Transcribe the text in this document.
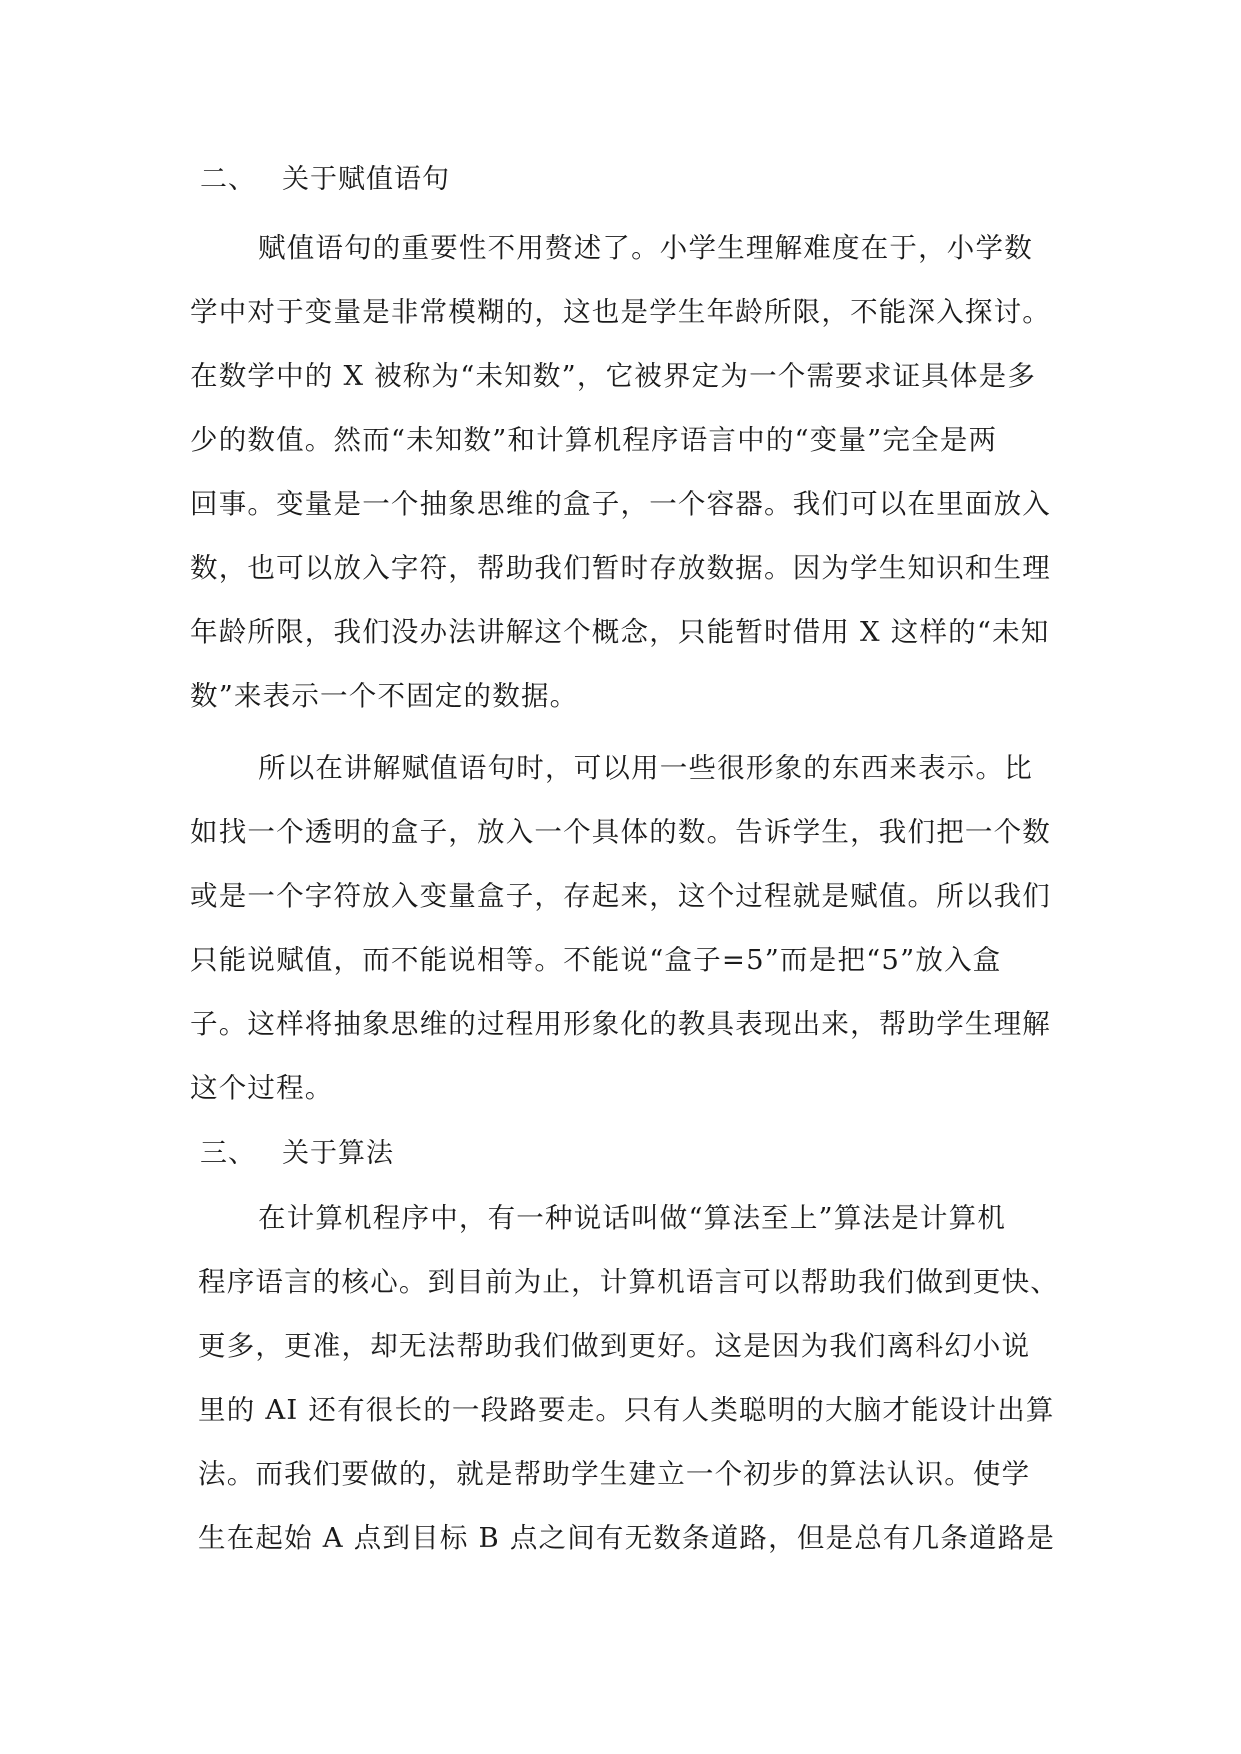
二、 关于赋值语句
赋值语句的重要性不用赘述了。小学生理解难度在于，小学数
学中对于变量是非常模糊的，这也是学生年龄所限，不能深入探讨。
在数学中的 X 被称为“未知数”，它被界定为一个需要求证具体是多
少的数值。然而“未知数”和计算机程序语言中的“变量”完全是两
回事。变量是一个抽象思维的盒子，一个容器。我们可以在里面放入
数，也可以放入字符，帮助我们暂时存放数据。因为学生知识和生理
年龄所限，我们没办法讲解这个概念，只能暂时借用 X 这样的“未知
数”来表示一个不固定的数据。
所以在讲解赋值语句时，可以用一些很形象的东西来表示。比
如找一个透明的盒子，放入一个具体的数。告诉学生，我们把一个数
或是一个字符放入变量盒子，存起来，这个过程就是赋值。所以我们
只能说赋值，而不能说相等。不能说“盒子=5”而是把“5”放入盒
子。这样将抽象思维的过程用形象化的教具表现出来，帮助学生理解
这个过程。
三、 关于算法
在计算机程序中，有一种说话叫做“算法至上”算法是计算机
程序语言的核心。到目前为止，计算机语言可以帮助我们做到更快、
更多，更准，却无法帮助我们做到更好。这是因为我们离科幻小说
里的 AI 还有很长的一段路要走。只有人类聪明的大脑才能设计出算
法。而我们要做的，就是帮助学生建立一个初步的算法认识。使学
生在起始 A 点到目标 B 点之间有无数条道路，但是总有几条道路是
